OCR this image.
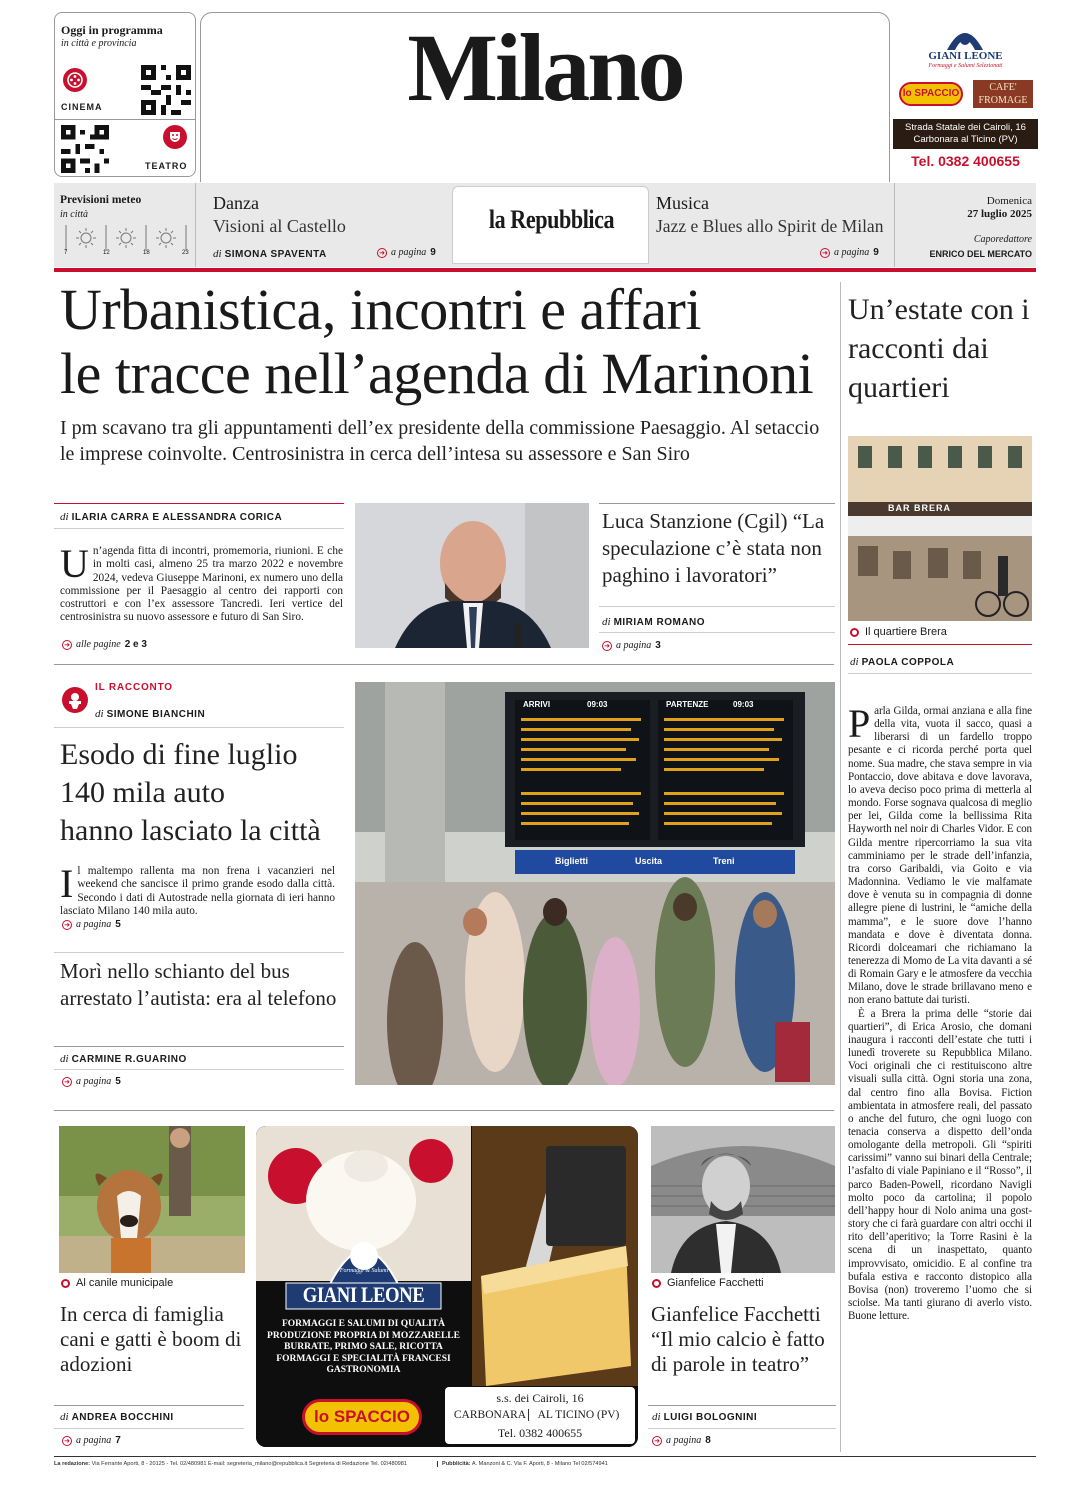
Oggi in programma
in città e provincia
CINEMA
TEATRO
Milano	GIANI LEONE
Formaggi e Salumi Selezionati
lo SPACCIO
CAFE' FROMAGE
Strada Statale dei Cairoli, 16
Carbonara al Ticino (PV)
Tel. 0382 400655
Previsioni meteo
in città
7	12	18	23
Danza
Visioni al Castello
di SIMONA SPAVENTA	➜ a pagina 9
la Repubblica
Musica
Jazz e Blues allo Spirit de Milan
➜ a pagina 9
Domenica
27 luglio 2025
Caporedattore
ENRICO DEL MERCATO
Urbanistica, incontri e affari
le tracce nell’agenda di Marinoni
I pm scavano tra gli appuntamenti dell’ex presidente della commissione Paesaggio. Al setaccio le imprese coinvolte. Centrosinistra in cerca dell’intesa su assessore e San Siro
di ILARIA CARRA E ALESSANDRA CORICA
Un’agenda fitta di incontri, promemoria, riunioni. E che in molti casi, almeno 25 tra marzo 2022 e novembre 2024, vedeva Giuseppe Marinoni, ex numero uno della commissione per il Paesaggio al centro dei rapporti con costruttori e con l’ex assessore Tancredi. Ieri vertice del centrosinistra su nuovo assessore e futuro di San Siro.
➜ alle pagine 2 e 3
Luca Stanzione (Cgil) “La speculazione c’è stata non paghino i lavoratori”
di MIRIAM ROMANO
➜ a pagina 3
IL RACCONTO
di SIMONE BIANCHIN
Esodo di fine luglio
140 mila auto
hanno lasciato la città
Il maltempo rallenta ma non frena i vacanzieri nel weekend che sancisce il primo grande esodo dalla città. Secondo i dati di Autostrade nella giornata di ieri hanno lasciato Milano 140 mila auto.
➜ a pagina 5
Morì nello schianto del bus arrestato l’autista: era al telefono
di CARMINE R.GUARINO
➜ a pagina 5
ARRIVI	09:03	PARTENZE	09:03
Biglietti	Uscita	Treni
Un’estate con i racconti dai quartieri
BAR BRERA
Il quartiere Brera
di PAOLA COPPOLA
Parla Gilda, ormai anziana e alla fine della vita, vuota il sacco, quasi a liberarsi di un fardello troppo pesante e ci ricorda perché porta quel nome. Sua madre, che stava sempre in via Pontaccio, dove abitava e dove lavorava, lo aveva deciso poco prima di metterla al mondo. Forse sognava qualcosa di meglio per lei, Gilda come la bellissima Rita Hayworth nel noir di Charles Vidor. E con Gilda mentre ripercorriamo la sua vita camminiamo per le strade dell’infanzia, tra corso Garibaldi, via Goito e via Madonnina. Vediamo le vie malfamate dove è venuta su in compagnia di donne allegre piene di lustrini, le “amiche della mamma”, e le suore dove l’hanno mandata e dove è diventata donna. Ricordi dolceamari che richiamano la tenerezza di Momo de La vita davanti a sé di Romain Gary e le atmosfere da vecchia Milano, dove le strade brillavano meno e non erano battute dai turisti.
È a Brera la prima delle “storie dai quartieri”, di Erica Arosio, che domani inaugura i racconti dell’estate che tutti i lunedì troverete su Repubblica Milano. Voci originali che ci restituiscono altre visuali sulla città. Ogni storia una zona, dal centro fino alla Bovisa. Fiction ambientata in atmosfere reali, del passato o anche del futuro, che ogni luogo con tenacia conserva a dispetto dell’onda omologante della metropoli. Gli “spiriti carissimi” vanno sui binari della Centrale; l’asfalto di viale Papiniano e il “Rosso”, il parco Baden-Powell, ricordano Navigli molto poco da cartolina; il popolo dell’happy hour di Nolo anima una gost-story che ci farà guardare con altri occhi il rito dell’aperitivo; la Torre Rasini è la scena di un inaspettato, quanto improvvisato, omicidio. E al confine tra bufala estiva e racconto distopico alla Bovisa (non) troveremo l’uomo che si sciolse. Ma tanti giurano di averlo visto. Buone letture.
Al canile municipale
In cerca di famiglia cani e gatti è boom di adozioni
di ANDREA BOCCHINI
➜ a pagina 7
Formaggi & Salumi
GIANI LEONE
FORMAGGI E SALUMI DI QUALITÀ
PRODUZIONE PROPRIA DI MOZZARELLE
BURRATE, PRIMO SALE, RICOTTA
FORMAGGI E SPECIALITÀ FRANCESI
GASTRONOMIA
lo SPACCIO
s.s. dei Cairoli, 16
CARBONARA	AL TICINO (PV)
Tel. 0382 400655
Gianfelice Facchetti
Gianfelice Facchetti “Il mio calcio è fatto di parole in teatro”
di LUIGI BOLOGNINI
➜ a pagina 8
La redazione: Via Ferrante Aporti, 8 - 20125 - Tel. 02/480981 E-mail: segreteria_milano@repubblica.it Segreteria di Redazione Tel. 02/480981	Pubblicità: A. Manzoni & C. Via F. Aporti, 8 - Milano Tel 02/574941
